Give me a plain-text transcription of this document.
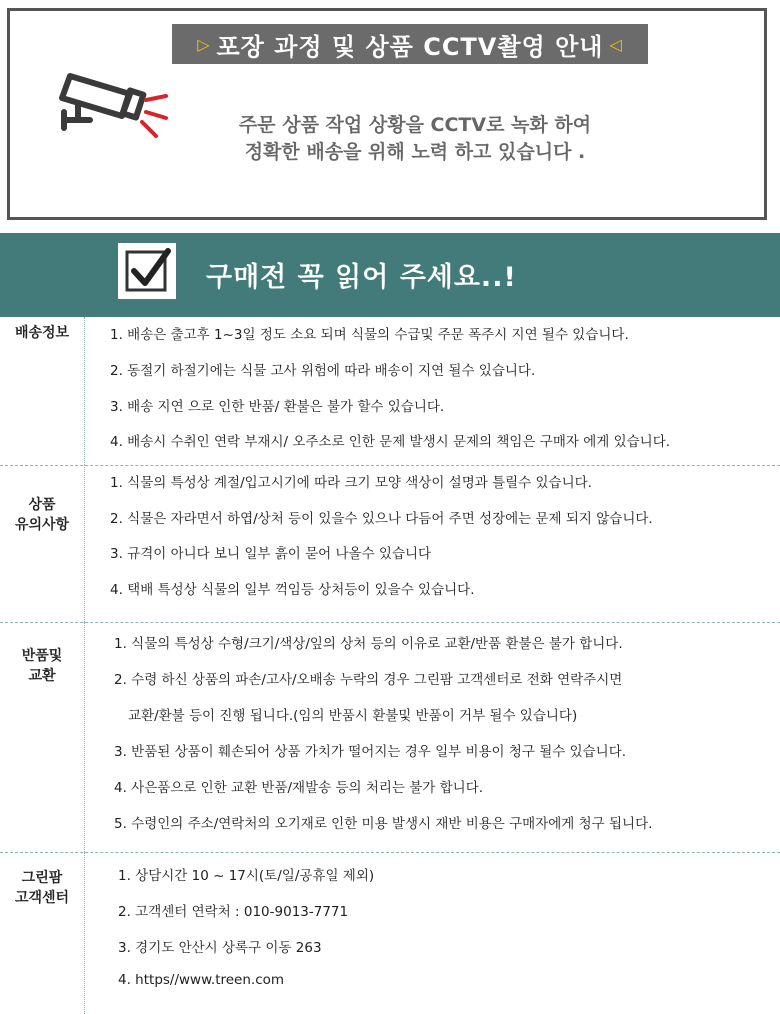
▷ 포장 과정 및 상품 CCTV촬영 안내 ◁
주문 상품 작업 상황을 CCTV로 녹화 하여
정확한 배송을 위해 노력 하고 있습니다 .
구매전 꼭 읽어 주세요..!
배송정보	1. 배송은 출고후 1~3일 정도 소요 되며 식물의 수급및 주문 폭주시 지연 될수 있습니다.
2. 동절기 하절기에는 식물 고사 위험에 따라 배송이 지연 될수 있습니다.
3. 배송 지연 으로 인한 반품/ 환불은 불가 할수 있습니다.
4. 배송시 수취인 연락 부재시/ 오주소로 인한 문제 발생시 문제의 책임은 구매자 에게 있습니다.
상품
유의사항
1. 식물의 특성상 계절/입고시기에 따라 크기 모양 색상이 설명과 틀릴수 있습니다.
2. 식물은 자라면서 하엽/상처 등이 있을수 있으나 다듬어 주면 성장에는 문제 되지 않습니다.
3. 규격이 아니다 보니 일부 흙이 묻어 나올수 있습니다
4. 택배 특성상 식물의 일부 꺽임등 상처등이 있을수 있습니다.
반품및
교환
1. 식물의 특성상 수형/크기/색상/잎의 상처 등의 이유로 교환/반품 환불은 불가 합니다.
2. 수령 하신 상품의 파손/고사/오배송 누락의 경우 그린팜 고객센터로 전화 연락주시면
교환/환불 등이 진행 됩니다.(임의 반품시 환불및 반품이 거부 될수 있습니다)
3. 반품된 상품이 훼손되어 상품 가치가 떨어지는 경우 일부 비용이 청구 될수 있습니다.
4. 사은품으로 인한 교환 반품/재발송 등의 처리는 불가 합니다.
5. 수령인의 주소/연락처의 오기재로 인한 미용 발생시 재반 비용은 구매자에게 청구 됩니다.
그린팜
고객센터
1. 상담시간 10 ~ 17시(토/일/공휴일 제외)
2. 고객센터 연락처 : 010-9013-7771
3. 경기도 안산시 상록구 이동 263
4. https//www.treen.com
